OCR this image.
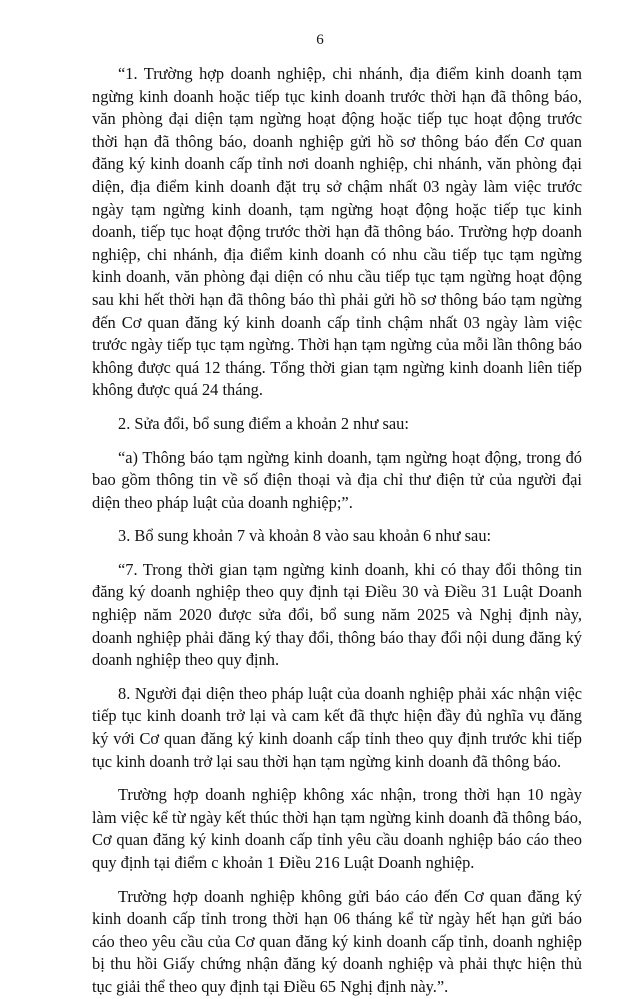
6

“1. Trường hợp doanh nghiệp, chi nhánh, địa điểm kinh doanh tạm ngừng kinh doanh hoặc tiếp tục kinh doanh trước thời hạn đã thông báo, văn phòng đại diện tạm ngừng hoạt động hoặc tiếp tục hoạt động trước thời hạn đã thông báo, doanh nghiệp gửi hồ sơ thông báo đến Cơ quan đăng ký kinh doanh cấp tỉnh nơi doanh nghiệp, chi nhánh, văn phòng đại diện, địa điểm kinh doanh đặt trụ sở chậm nhất 03 ngày làm việc trước ngày tạm ngừng kinh doanh, tạm ngừng hoạt động hoặc tiếp tục kinh doanh, tiếp tục hoạt động trước thời hạn đã thông báo. Trường hợp doanh nghiệp, chi nhánh, địa điểm kinh doanh có nhu cầu tiếp tục tạm ngừng kinh doanh, văn phòng đại diện có nhu cầu tiếp tục tạm ngừng hoạt động sau khi hết thời hạn đã thông báo thì phải gửi hồ sơ thông báo tạm ngừng đến Cơ quan đăng ký kinh doanh cấp tỉnh chậm nhất 03 ngày làm việc trước ngày tiếp tục tạm ngừng. Thời hạn tạm ngừng của mỗi lần thông báo không được quá 12 tháng. Tổng thời gian tạm ngừng kinh doanh liên tiếp không được quá 24 tháng.

2. Sửa đổi, bổ sung điểm a khoản 2 như sau:

“a) Thông báo tạm ngừng kinh doanh, tạm ngừng hoạt động, trong đó bao gồm thông tin về số điện thoại và địa chỉ thư điện tử của người đại diện theo pháp luật của doanh nghiệp;”.

3. Bổ sung khoản 7 và khoản 8 vào sau khoản 6 như sau:

“7. Trong thời gian tạm ngừng kinh doanh, khi có thay đổi thông tin đăng ký doanh nghiệp theo quy định tại Điều 30 và Điều 31 Luật Doanh nghiệp năm 2020 được sửa đổi, bổ sung năm 2025 và Nghị định này, doanh nghiệp phải đăng ký thay đổi, thông báo thay đổi nội dung đăng ký doanh nghiệp theo quy định.

8. Người đại diện theo pháp luật của doanh nghiệp phải xác nhận việc tiếp tục kinh doanh trở lại và cam kết đã thực hiện đầy đủ nghĩa vụ đăng ký với Cơ quan đăng ký kinh doanh cấp tỉnh theo quy định trước khi tiếp tục kinh doanh trở lại sau thời hạn tạm ngừng kinh doanh đã thông báo.

Trường hợp doanh nghiệp không xác nhận, trong thời hạn 10 ngày làm việc kể từ ngày kết thúc thời hạn tạm ngừng kinh doanh đã thông báo, Cơ quan đăng ký kinh doanh cấp tỉnh yêu cầu doanh nghiệp báo cáo theo quy định tại điểm c khoản 1 Điều 216 Luật Doanh nghiệp.

Trường hợp doanh nghiệp không gửi báo cáo đến Cơ quan đăng ký kinh doanh cấp tỉnh trong thời hạn 06 tháng kể từ ngày hết hạn gửi báo cáo theo yêu cầu của Cơ quan đăng ký kinh doanh cấp tỉnh, doanh nghiệp bị thu hồi Giấy chứng nhận đăng ký doanh nghiệp và phải thực hiện thủ tục giải thể theo quy định tại Điều 65 Nghị định này.”.
